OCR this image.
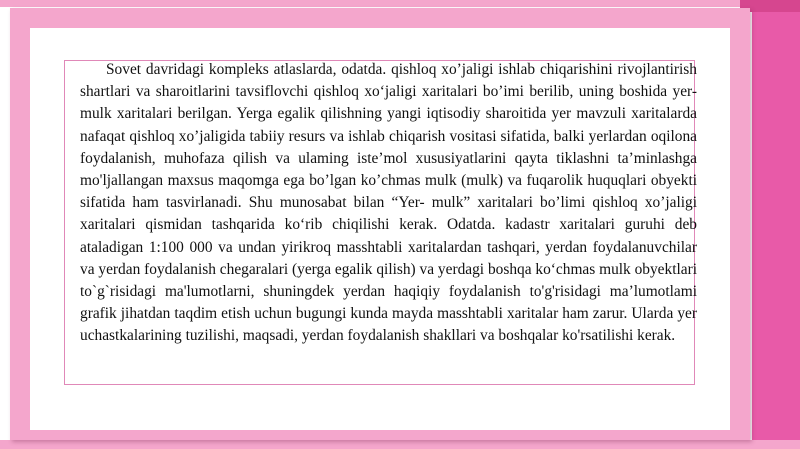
Sovet davridagi kompleks atlaslarda, odatda. qishloq xo’jaligi ishlab chiqarishini rivojlantirish shartlari va sharoitlarini tavsiflovchi qishloq xo‘jaligi xaritalari bo’imi berilib, uning boshida yer-mulk xaritalari berilgan. Yerga egalik qilishning yangi iqtisodiy sharoitida yer mavzuli xaritalarda nafaqat qishloq xo’jaligida tabiiy resurs va ishlab chiqarish vositasi sifatida, balki yerlardan oqilona foydalanish, muhofaza qilish va ulaming iste’mol xususiyatlarini qayta tiklashni ta’minlashga mo'ljallangan maxsus maqomga ega bo’lgan ko’chmas mulk (mulk) va fuqarolik huquqlari obyekti sifatida ham tasvirlanadi. Shu munosabat bilan “Yer- mulk” xaritalari bo’limi qishloq xo’jaligi xaritalari qismidan tashqarida ko‘rib chiqilishi kerak. Odatda. kadastr xaritalari guruhi deb ataladigan 1:100 000 va undan yirikroq masshtabli xaritalardan tashqari, yerdan foydalanuvchilar va yerdan foydalanish chegaralari (yerga egalik qilish) va yerdagi boshqa ko‘chmas mulk obyektlari to`g`risidagi ma'lumotlarni, shuningdek yerdan haqiqiy foydalanish to'g'risidagi ma’lumotlami grafik jihatdan taqdim etish uchun bugungi kunda mayda masshtabli xaritalar ham zarur. Ularda yer uchastkalarining tuzilishi, maqsadi, yerdan foydalanish shakllari va boshqalar ko'rsatilishi kerak.
